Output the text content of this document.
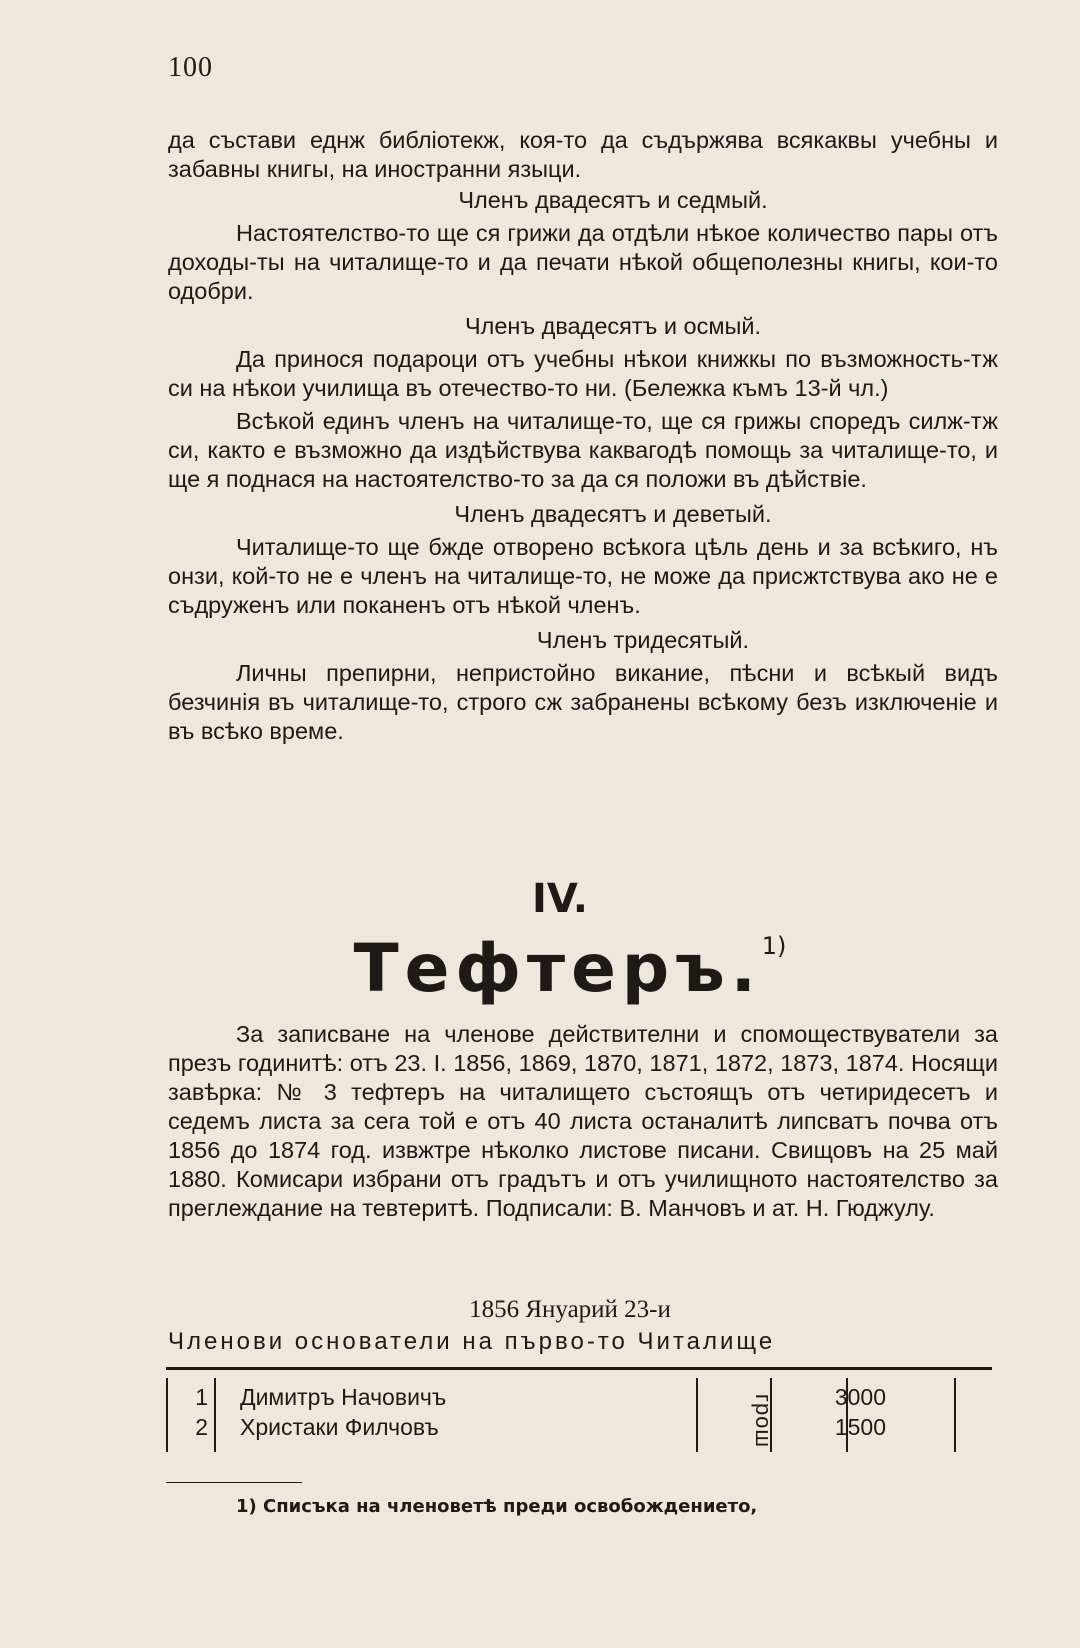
100

да състави еднж библіотекж, коя-то да съдържява всякаквы учебны и забавны книгы, на иностранни языци.

Членъ двадесятъ и седмый.

Настоятелство-то ще ся грижи да отдѣли нѣкое количество пары отъ доходы-ты на читалище-то и да печати нѣкой общеполезны книгы, кои-то одобри.

Членъ двадесятъ и осмый.

Да принося подароци отъ учебны нѣкои книжкы по възможность-тж си на нѣкои училища въ отечество-то ни. (Бележка къмъ 13-й чл.)

Всѣкой единъ членъ на читалище-то, ще ся грижы споредъ силж-тж си, както е възможно да издѣйствува каквагодѣ помощь за читалище-то, и ще я поднася на настоятелство-то за да ся положи въ дѣйствіе.

Членъ двадесятъ и деветый.

Читалище-то ще бжде отворено всѣкога цѣль день и за всѣкиго, нъ онзи, кой-то не е членъ на читалище-то, не може да присжтствува ако не е съдруженъ или поканенъ отъ нѣкой членъ.

Членъ тридесятый.

Личны препирни, непристойно викание, пѣсни и всѣкый видъ безчинія въ читалище-то, строго сж забранены всѣкому безъ изключеніе и въ всѣко време.

IV.
Тефтеръ.$^{1)}$

За записване на членове действителни и спомоществуватели за презъ годинитѣ: отъ 23. I. 1856, 1869, 1870, 1871, 1872, 1873, 1874. Носящи завѣрка: № 3 тефтеръ на читалището състоящъ отъ четиридесетъ и седемъ листа за сега той е отъ 40 листа останалитѣ липсватъ почва отъ 1856 до 1874 год. извжтре нѣколко листове писани. Свищовъ на 25 май 1880. Комисари избрани отъ градътъ и отъ училищното настоятелство за преглеждание на тевтеритѣ. Подписали: В. Манчовъ и ат. Н. Гюджулу.

1856 Януарий 23-и
Членови основатели на първо-то Читалище
грош
1 Димитръ Начовичъ	3000
2 Христаки Филчовъ	1500
1) Списъка на членоветѣ преди освобождението,
